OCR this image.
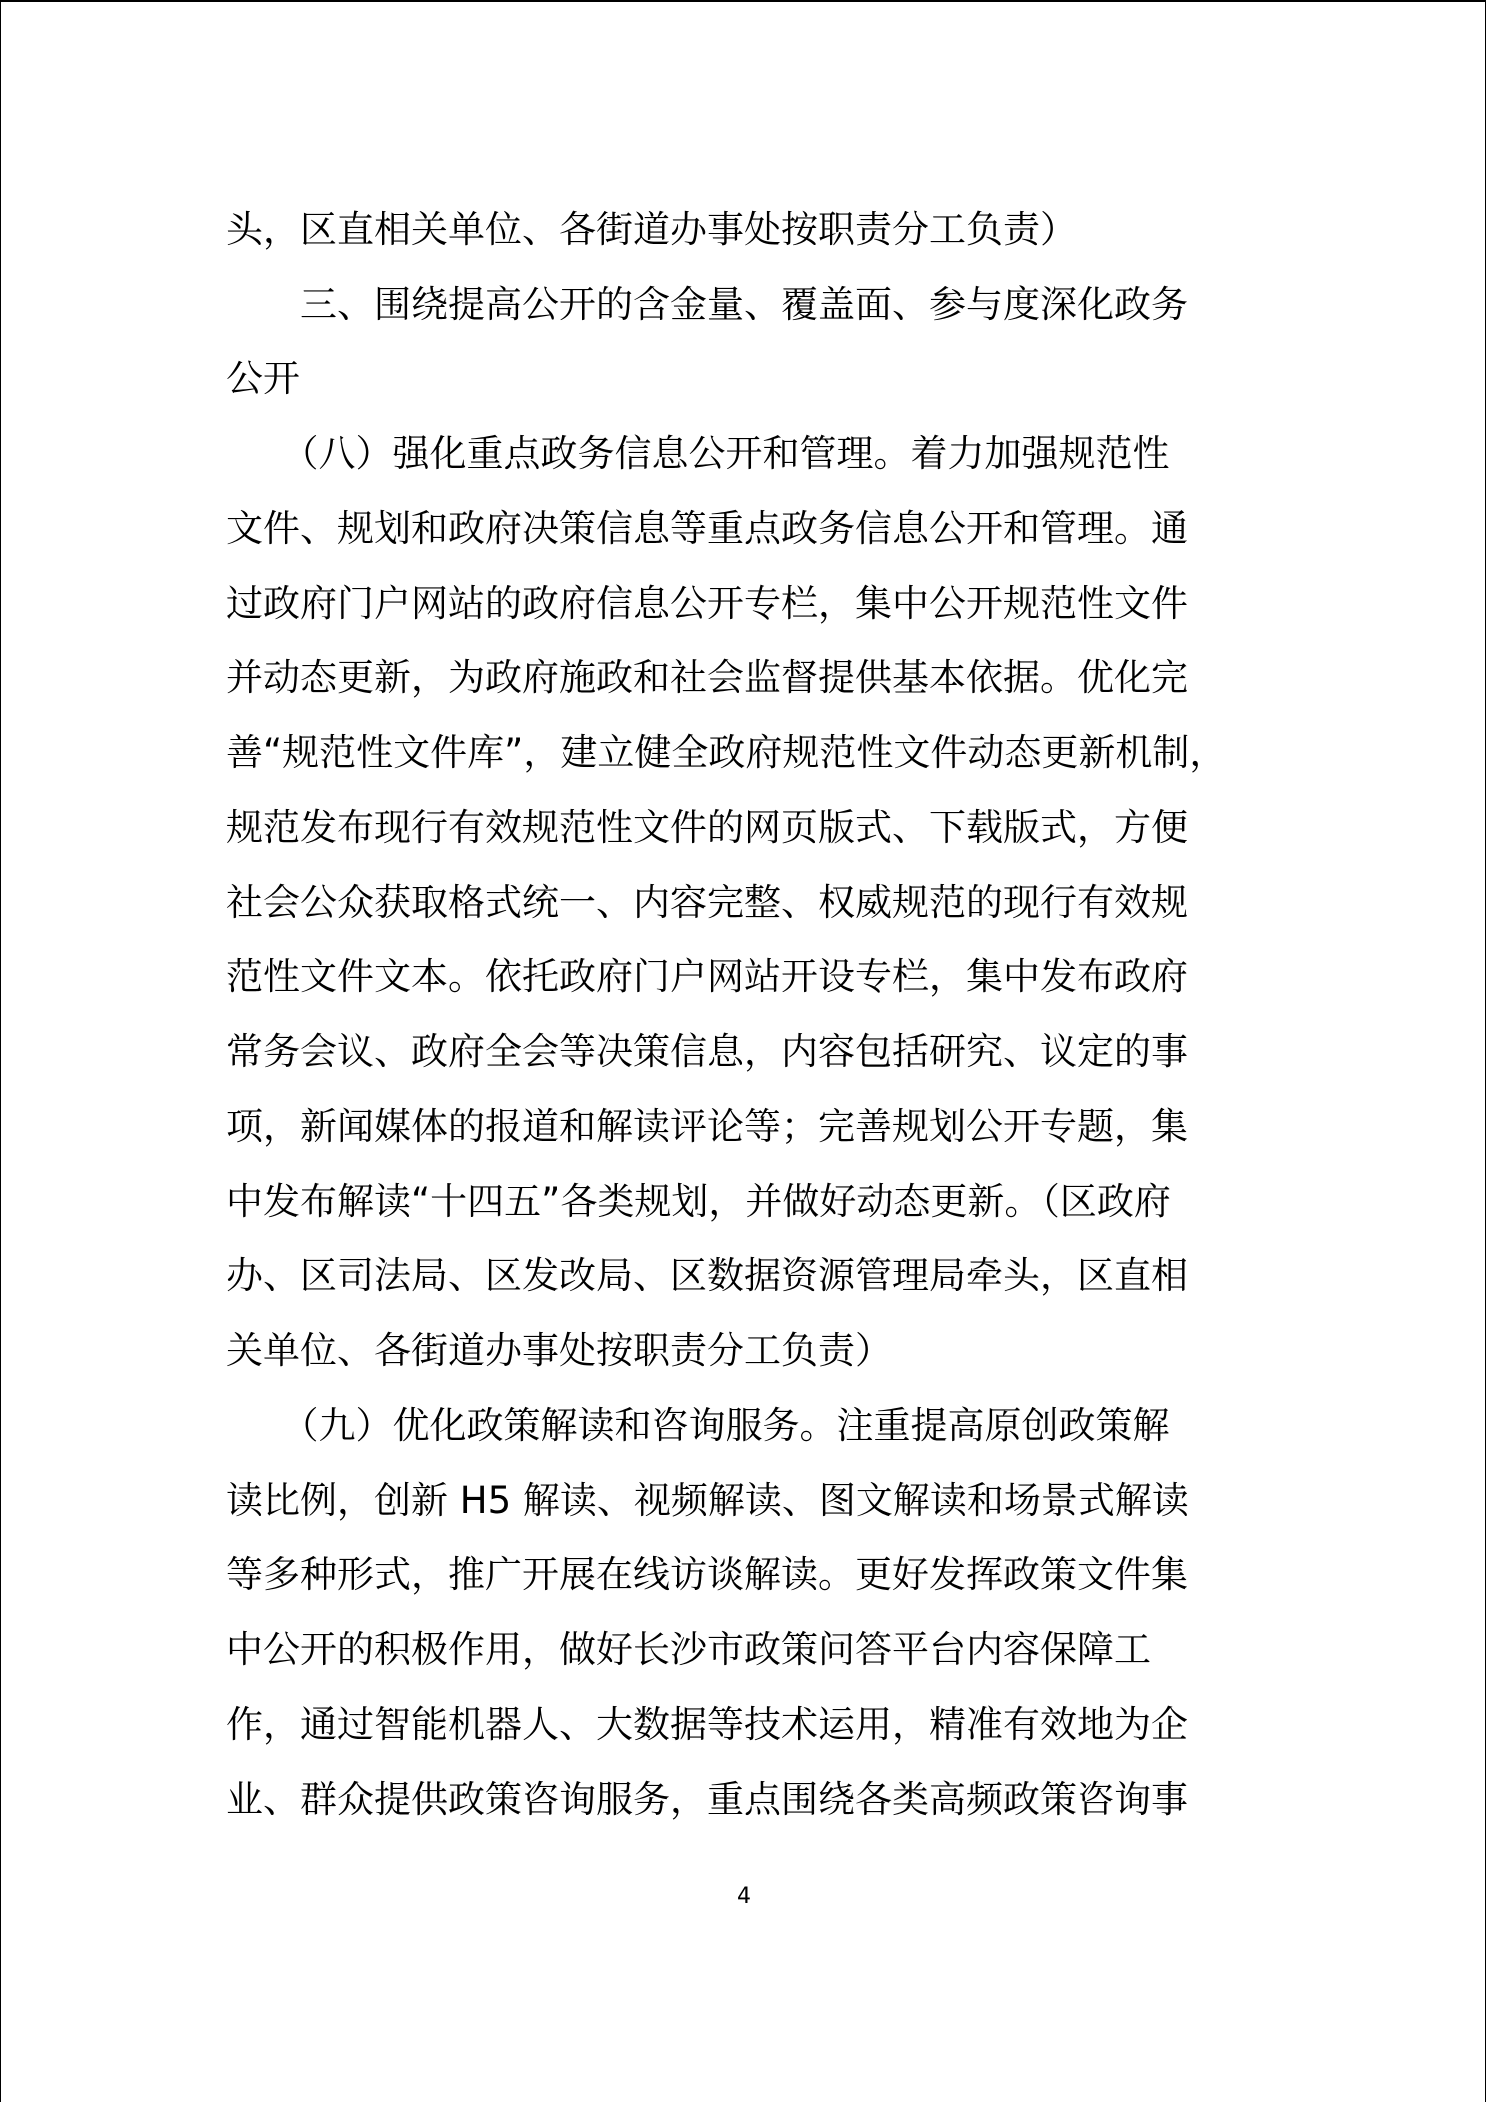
头，区直相关单位、各街道办事处按职责分工负责）
　　三、围绕提高公开的含金量、覆盖面、参与度深化政务
公开
　　（八）强化重点政务信息公开和管理。着力加强规范性
文件、规划和政府决策信息等重点政务信息公开和管理。通
过政府门户网站的政府信息公开专栏，集中公开规范性文件
并动态更新，为政府施政和社会监督提供基本依据。优化完
善“规范性文件库”，建立健全政府规范性文件动态更新机制，
规范发布现行有效规范性文件的网页版式、下载版式，方便
社会公众获取格式统一、内容完整、权威规范的现行有效规
范性文件文本。依托政府门户网站开设专栏，集中发布政府
常务会议、政府全会等决策信息，内容包括研究、议定的事
项，新闻媒体的报道和解读评论等；完善规划公开专题，集
中发布解读“十四五”各类规划，并做好动态更新。（区政府
办、区司法局、区发改局、区数据资源管理局牵头，区直相
关单位、各街道办事处按职责分工负责）
　　（九）优化政策解读和咨询服务。注重提高原创政策解
读比例，创新 H5 解读、视频解读、图文解读和场景式解读
等多种形式，推广开展在线访谈解读。更好发挥政策文件集
中公开的积极作用，做好长沙市政策问答平台内容保障工
作，通过智能机器人、大数据等技术运用，精准有效地为企
业、群众提供政策咨询服务，重点围绕各类高频政策咨询事
4
